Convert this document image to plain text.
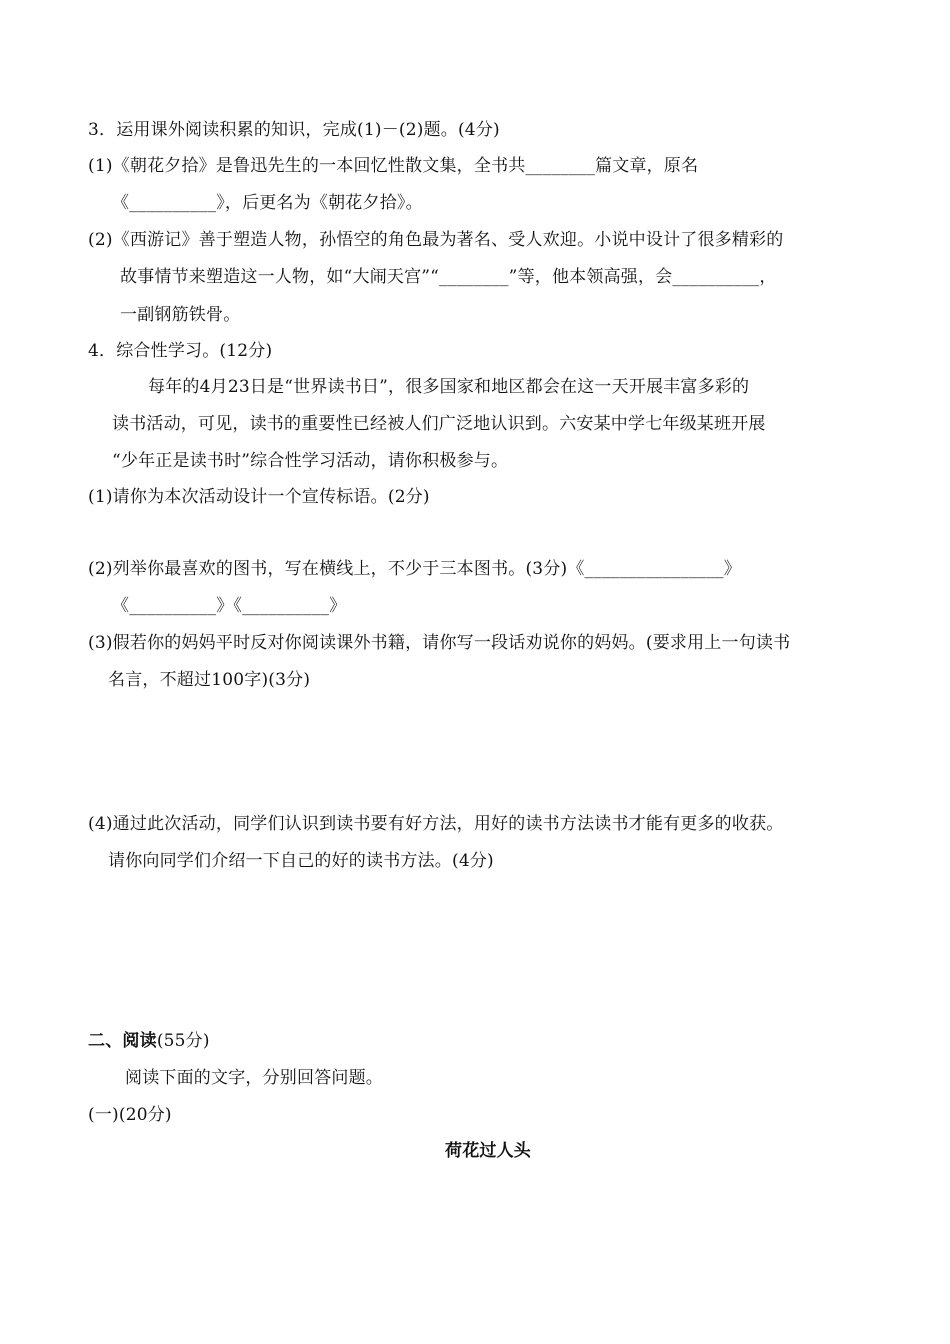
3．运用课外阅读积累的知识，完成(1)－(2)题。(4分)
(1)《朝花夕拾》是鲁迅先生的一本回忆性散文集，全书共________篇文章，原名
《__________》，后更名为《朝花夕拾》。
(2)《西游记》善于塑造人物，孙悟空的角色最为著名、受人欢迎。小说中设计了很多精彩的
故事情节来塑造这一人物，如“大闹天宫”“________”等，他本领高强，会__________，
一副钢筋铁骨。
4．综合性学习。(12分)
每年的4月23日是“世界读书日”，很多国家和地区都会在这一天开展丰富多彩的
读书活动，可见，读书的重要性已经被人们广泛地认识到。六安某中学七年级某班开展
“少年正是读书时”综合性学习活动，请你积极参与。
(1)请你为本次活动设计一个宣传标语。(2分)
(2)列举你最喜欢的图书，写在横线上，不少于三本图书。(3分)《________________》
《__________》《__________》
(3)假若你的妈妈平时反对你阅读课外书籍，请你写一段话劝说你的妈妈。(要求用上一句读书
名言，不超过100字)(3分)
(4)通过此次活动，同学们认识到读书要有好方法，用好的读书方法读书才能有更多的收获。
请你向同学们介绍一下自己的好的读书方法。(4分)
二、阅读(55分)
阅读下面的文字，分别回答问题。
(一)(20分)
荷花过人头
